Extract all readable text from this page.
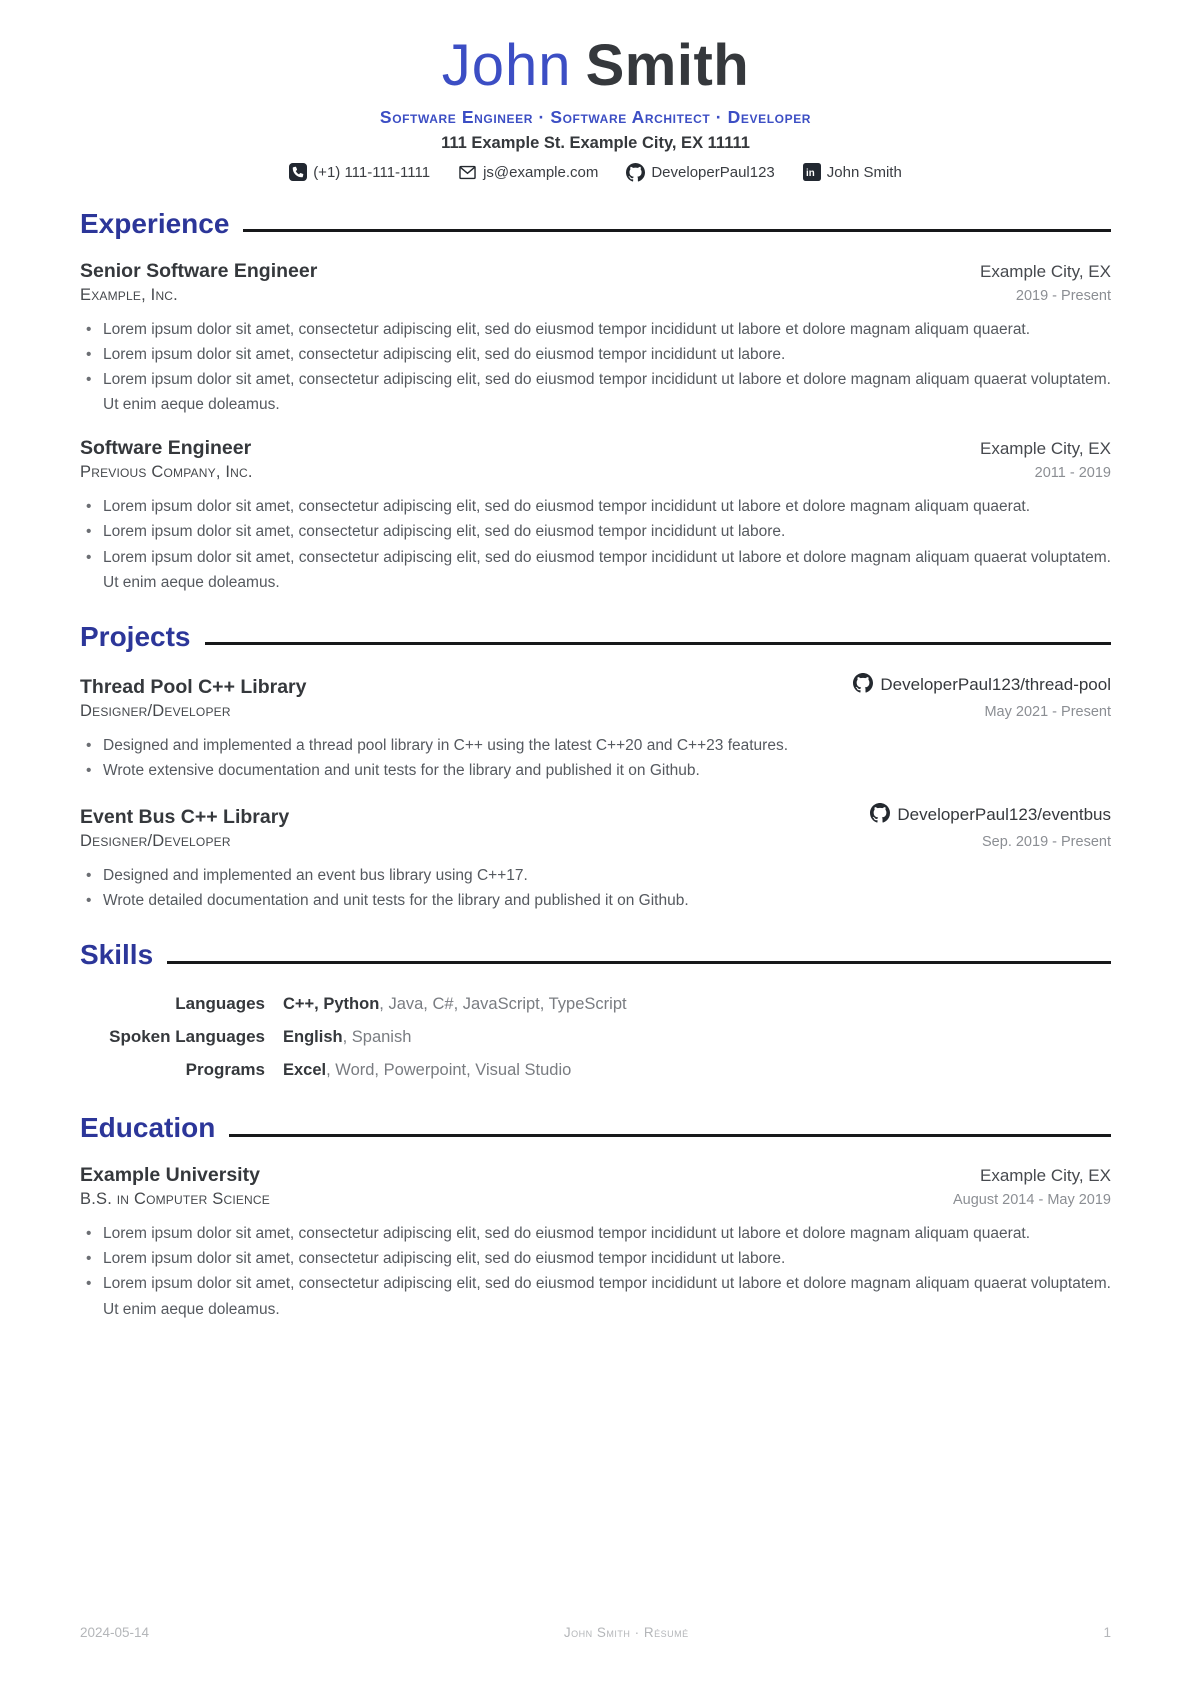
John Smith
Software Engineer · Software Architect · Developer
111 Example St. Example City, EX 11111
(+1) 111-111-1111	js@example.com	DeveloperPaul123 in John Smith
Experience
Senior Software Engineer	Example City, EX
Example, Inc.	2019 - Present
• Lorem ipsum dolor sit amet, consectetur adipiscing elit, sed do eiusmod tempor incididunt ut labore et dolore magnam aliquam quaerat.
• Lorem ipsum dolor sit amet, consectetur adipiscing elit, sed do eiusmod tempor incididunt ut labore.
• Lorem ipsum dolor sit amet, consectetur adipiscing elit, sed do eiusmod tempor incididunt ut labore et dolore magnam aliquam quaerat voluptatem. Ut enim aeque doleamus.
Software Engineer	Example City, EX
Previous Company, Inc.	2011 - 2019
• Lorem ipsum dolor sit amet, consectetur adipiscing elit, sed do eiusmod tempor incididunt ut labore et dolore magnam aliquam quaerat.
• Lorem ipsum dolor sit amet, consectetur adipiscing elit, sed do eiusmod tempor incididunt ut labore.
• Lorem ipsum dolor sit amet, consectetur adipiscing elit, sed do eiusmod tempor incididunt ut labore et dolore magnam aliquam quaerat voluptatem. Ut enim aeque doleamus.
Projects
Thread Pool C++ Library	DeveloperPaul123/thread-pool
Designer/Developer	May 2021 - Present
• Designed and implemented a thread pool library in C++ using the latest C++20 and C++23 features.
• Wrote extensive documentation and unit tests for the library and published it on Github.
Event Bus C++ Library	DeveloperPaul123/eventbus
Designer/Developer	Sep. 2019 - Present
• Designed and implemented an event bus library using C++17.
• Wrote detailed documentation and unit tests for the library and published it on Github.
Skills
Languages C++, Python, Java, C#, JavaScript, TypeScript
Spoken Languages English, Spanish
Programs Excel, Word, Powerpoint, Visual Studio
Education
Example University	Example City, EX
B.S. in Computer Science	August 2014 - May 2019
• Lorem ipsum dolor sit amet, consectetur adipiscing elit, sed do eiusmod tempor incididunt ut labore et dolore magnam aliquam quaerat.
• Lorem ipsum dolor sit amet, consectetur adipiscing elit, sed do eiusmod tempor incididunt ut labore.
• Lorem ipsum dolor sit amet, consectetur adipiscing elit, sed do eiusmod tempor incididunt ut labore et dolore magnam aliquam quaerat voluptatem. Ut enim aeque doleamus.
2024-05-14	John Smith · Résumé	1
